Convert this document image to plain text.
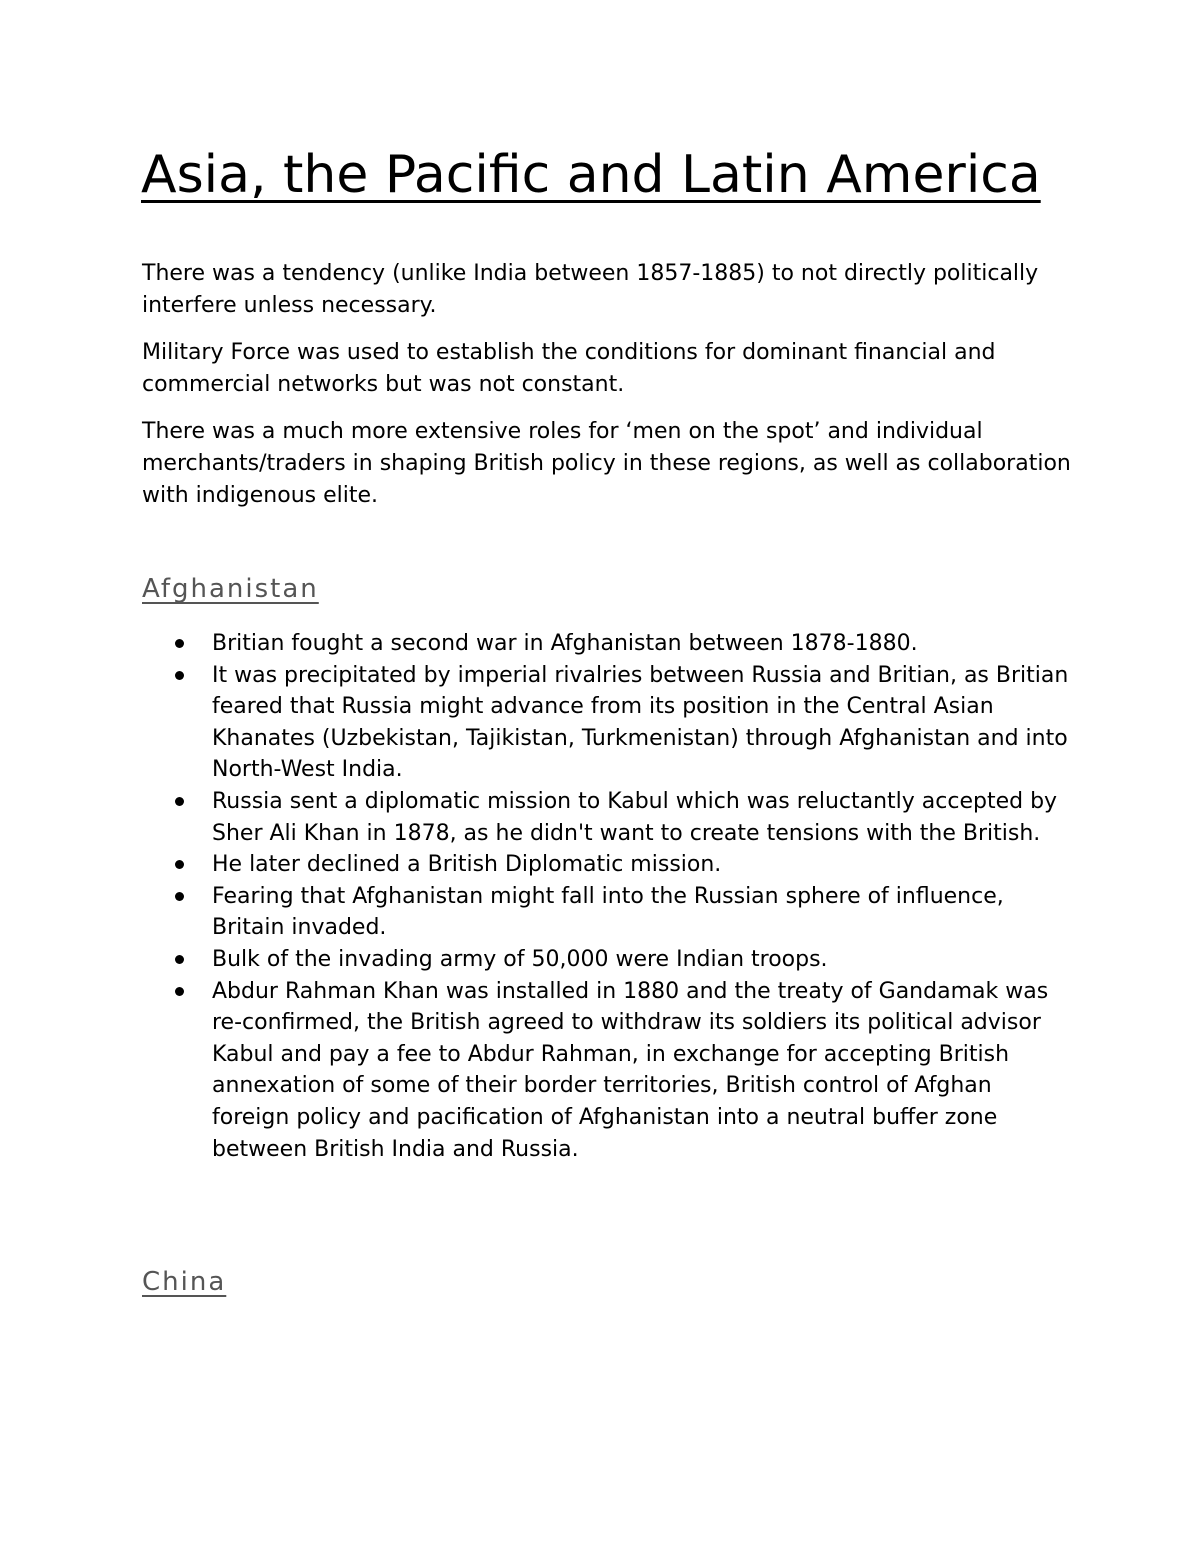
Asia, the Pacific and Latin America

There was a tendency (unlike India between 1857-1885) to not directly politically interfere unless necessary.

Military Force was used to establish the conditions for dominant financial and commercial networks but was not constant.

There was a much more extensive roles for ‘men on the spot’ and individual merchants/traders in shaping British policy in these regions, as well as collaboration with indigenous elite.

Afghanistan
Britian fought a second war in Afghanistan between 1878-1880.
It was precipitated by imperial rivalries between Russia and Britian, as Britian feared that Russia might advance from its position in the Central Asian Khanates (Uzbekistan, Tajikistan, Turkmenistan) through Afghanistan and into North-West India.
Russia sent a diplomatic mission to Kabul which was reluctantly accepted by Sher Ali Khan in 1878, as he didn't want to create tensions with the British.
He later declined a British Diplomatic mission.
Fearing that Afghanistan might fall into the Russian sphere of influence, Britain invaded.
Bulk of the invading army of 50,000 were Indian troops.
Abdur Rahman Khan was installed in 1880 and the treaty of Gandamak was re-confirmed, the British agreed to withdraw its soldiers its political advisor Kabul and pay a fee to Abdur Rahman, in exchange for accepting British annexation of some of their border territories, British control of Afghan foreign policy and pacification of Afghanistan into a neutral buffer zone between British India and Russia.
China
